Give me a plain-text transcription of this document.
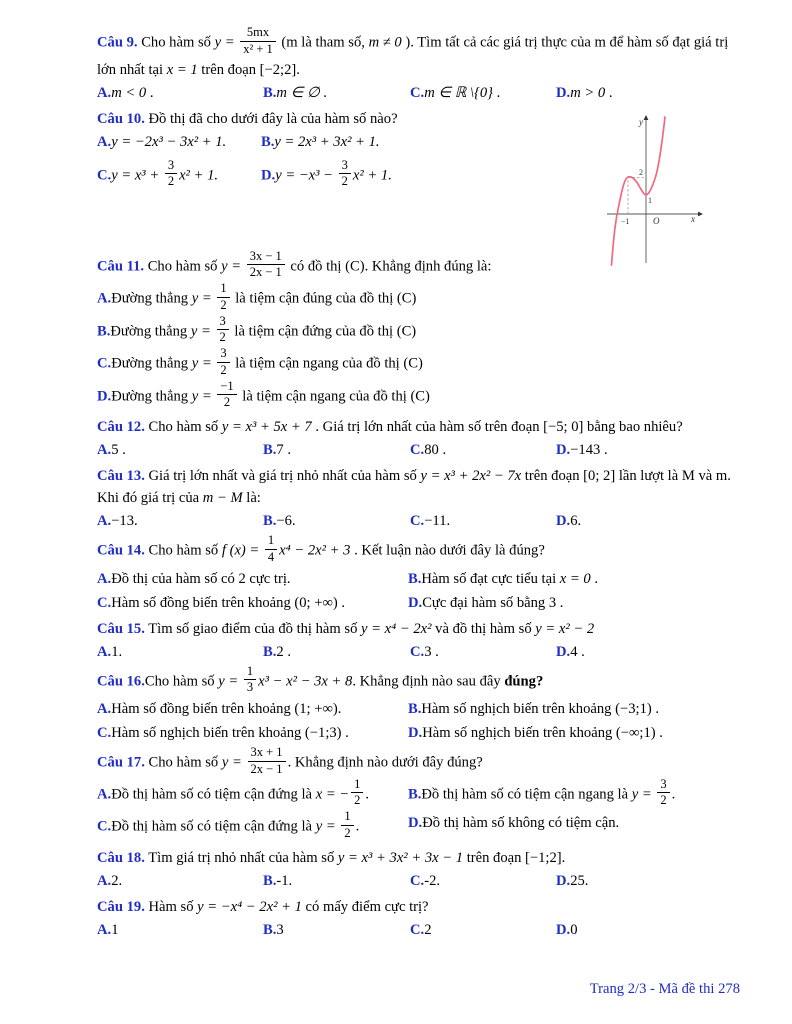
Câu 9. Cho hàm số $y = \frac{5mx}{\text{x² + 1}} (m$ là tham số, m ≠ 0 ). Tìm tất cả các giá trị thực của m để hàm số đạt giá trị lớn nhất tại x = 1 trên đoạn [−2;2].
A.m < 0 .	B.m ∈ ∅ .	C.m ∈ ℝ \{0} .	D.m > 0 .
Câu 10. Đồ thị đã cho dưới đây là của hàm số nào?
A.y = −2x³ − 3x² + 1.	B.y = 2x³ + 3x² + 1.
$C.y = x^3 + \frac{3}{2} x^2 + 1$.	$D.y = -x^3 - \frac{3}{2} x^2 + 1$.
Câu 11. Cho hàm số $y = \frac{3x - 1}{2x - 1}$ có đồ thị (C). Khẳng định đúng là:
A.Đường thẳng $y = \frac{1}{2}$ là tiệm cận đúng của đồ thị (C)
B.Đường thẳng $y = \frac{3}{2}$ là tiệm cận đứng của đồ thị (C)
C.Đường thẳng $y = \frac{3}{2}$ là tiệm cận ngang của đồ thị (C)
D.Đường thẳng $y = \frac{-1}{2}$ là tiệm cận ngang của đồ thị (C)
Câu 12. Cho hàm số y = x³ + 5x + 7 . Giá trị lớn nhất của hàm số trên đoạn [−5; 0] bằng bao nhiêu?
A.5 .	B.7 .	C.80 .	D.−143 .
Câu 13. Giá trị lớn nhất và giá trị nhỏ nhất của hàm số y = x³ + 2x² − 7x trên đoạn [0; 2] lần lượt là M và m. Khi đó giá trị của m − M là:
A.−13.	B.−6.	C.−11.	D.6.
Câu 14. Cho hàm số f $(x) = \frac{1}{4} x^4 - 2x^2 + 3$ . Kết luận nào dưới đây là đúng?
A.Đồ thị của hàm số có 2 cực trị.	B.Hàm số đạt cực tiểu tại x = 0 .
C.Hàm số đồng biến trên khoảng (0; +∞) .	D.Cực đại hàm số bằng 3 .
Câu 15. Tìm số giao điểm của đồ thị hàm số y = x⁴ − 2x² và đồ thị hàm số y = x² − 2
A.1.	B.2 .	C.3 .	D.4 .
Câu 16.Cho hàm số $y = \frac{1}{3} x^3 - x^2 - 3x + 8$. Khẳng định nào sau đây đúng?
A.Hàm số đồng biến trên khoảng (1; +∞).	B.Hàm số nghịch biến trên khoảng (−3;1) .
C.Hàm số nghịch biến trên khoảng (−1;3) .	D.Hàm số nghịch biến trên khoảng (−∞;1) .
Câu 17. Cho hàm số $y = \frac{3x + 1}{2x - 1}$ . Khẳng định nào dưới đây đúng?
A.Đồ thị hàm số có tiệm cận đứng là x = − $\frac{1}{2}$ .	B.Đồ thị hàm số có tiệm cận ngang là $y = \frac{3}{2}$ .
C.Đồ thị hàm số có tiệm cận đứng là $y = \frac{1}{2}$ .	D.Đồ thị hàm số không có tiệm cận.
Câu 18. Tìm giá trị nhỏ nhất của hàm số y = x³ + 3x² + 3x − 1 trên đoạn [−1;2].
A.2.	B.-1.	C.-2.	D.25.
Câu 19. Hàm số y = −x⁴ − 2x² + 1 có mấy điểm cực trị?
A.1	B.3	C.2	D.0
y
x
O
−1
2
1
Trang 2/3 - Mã đề thi 278
